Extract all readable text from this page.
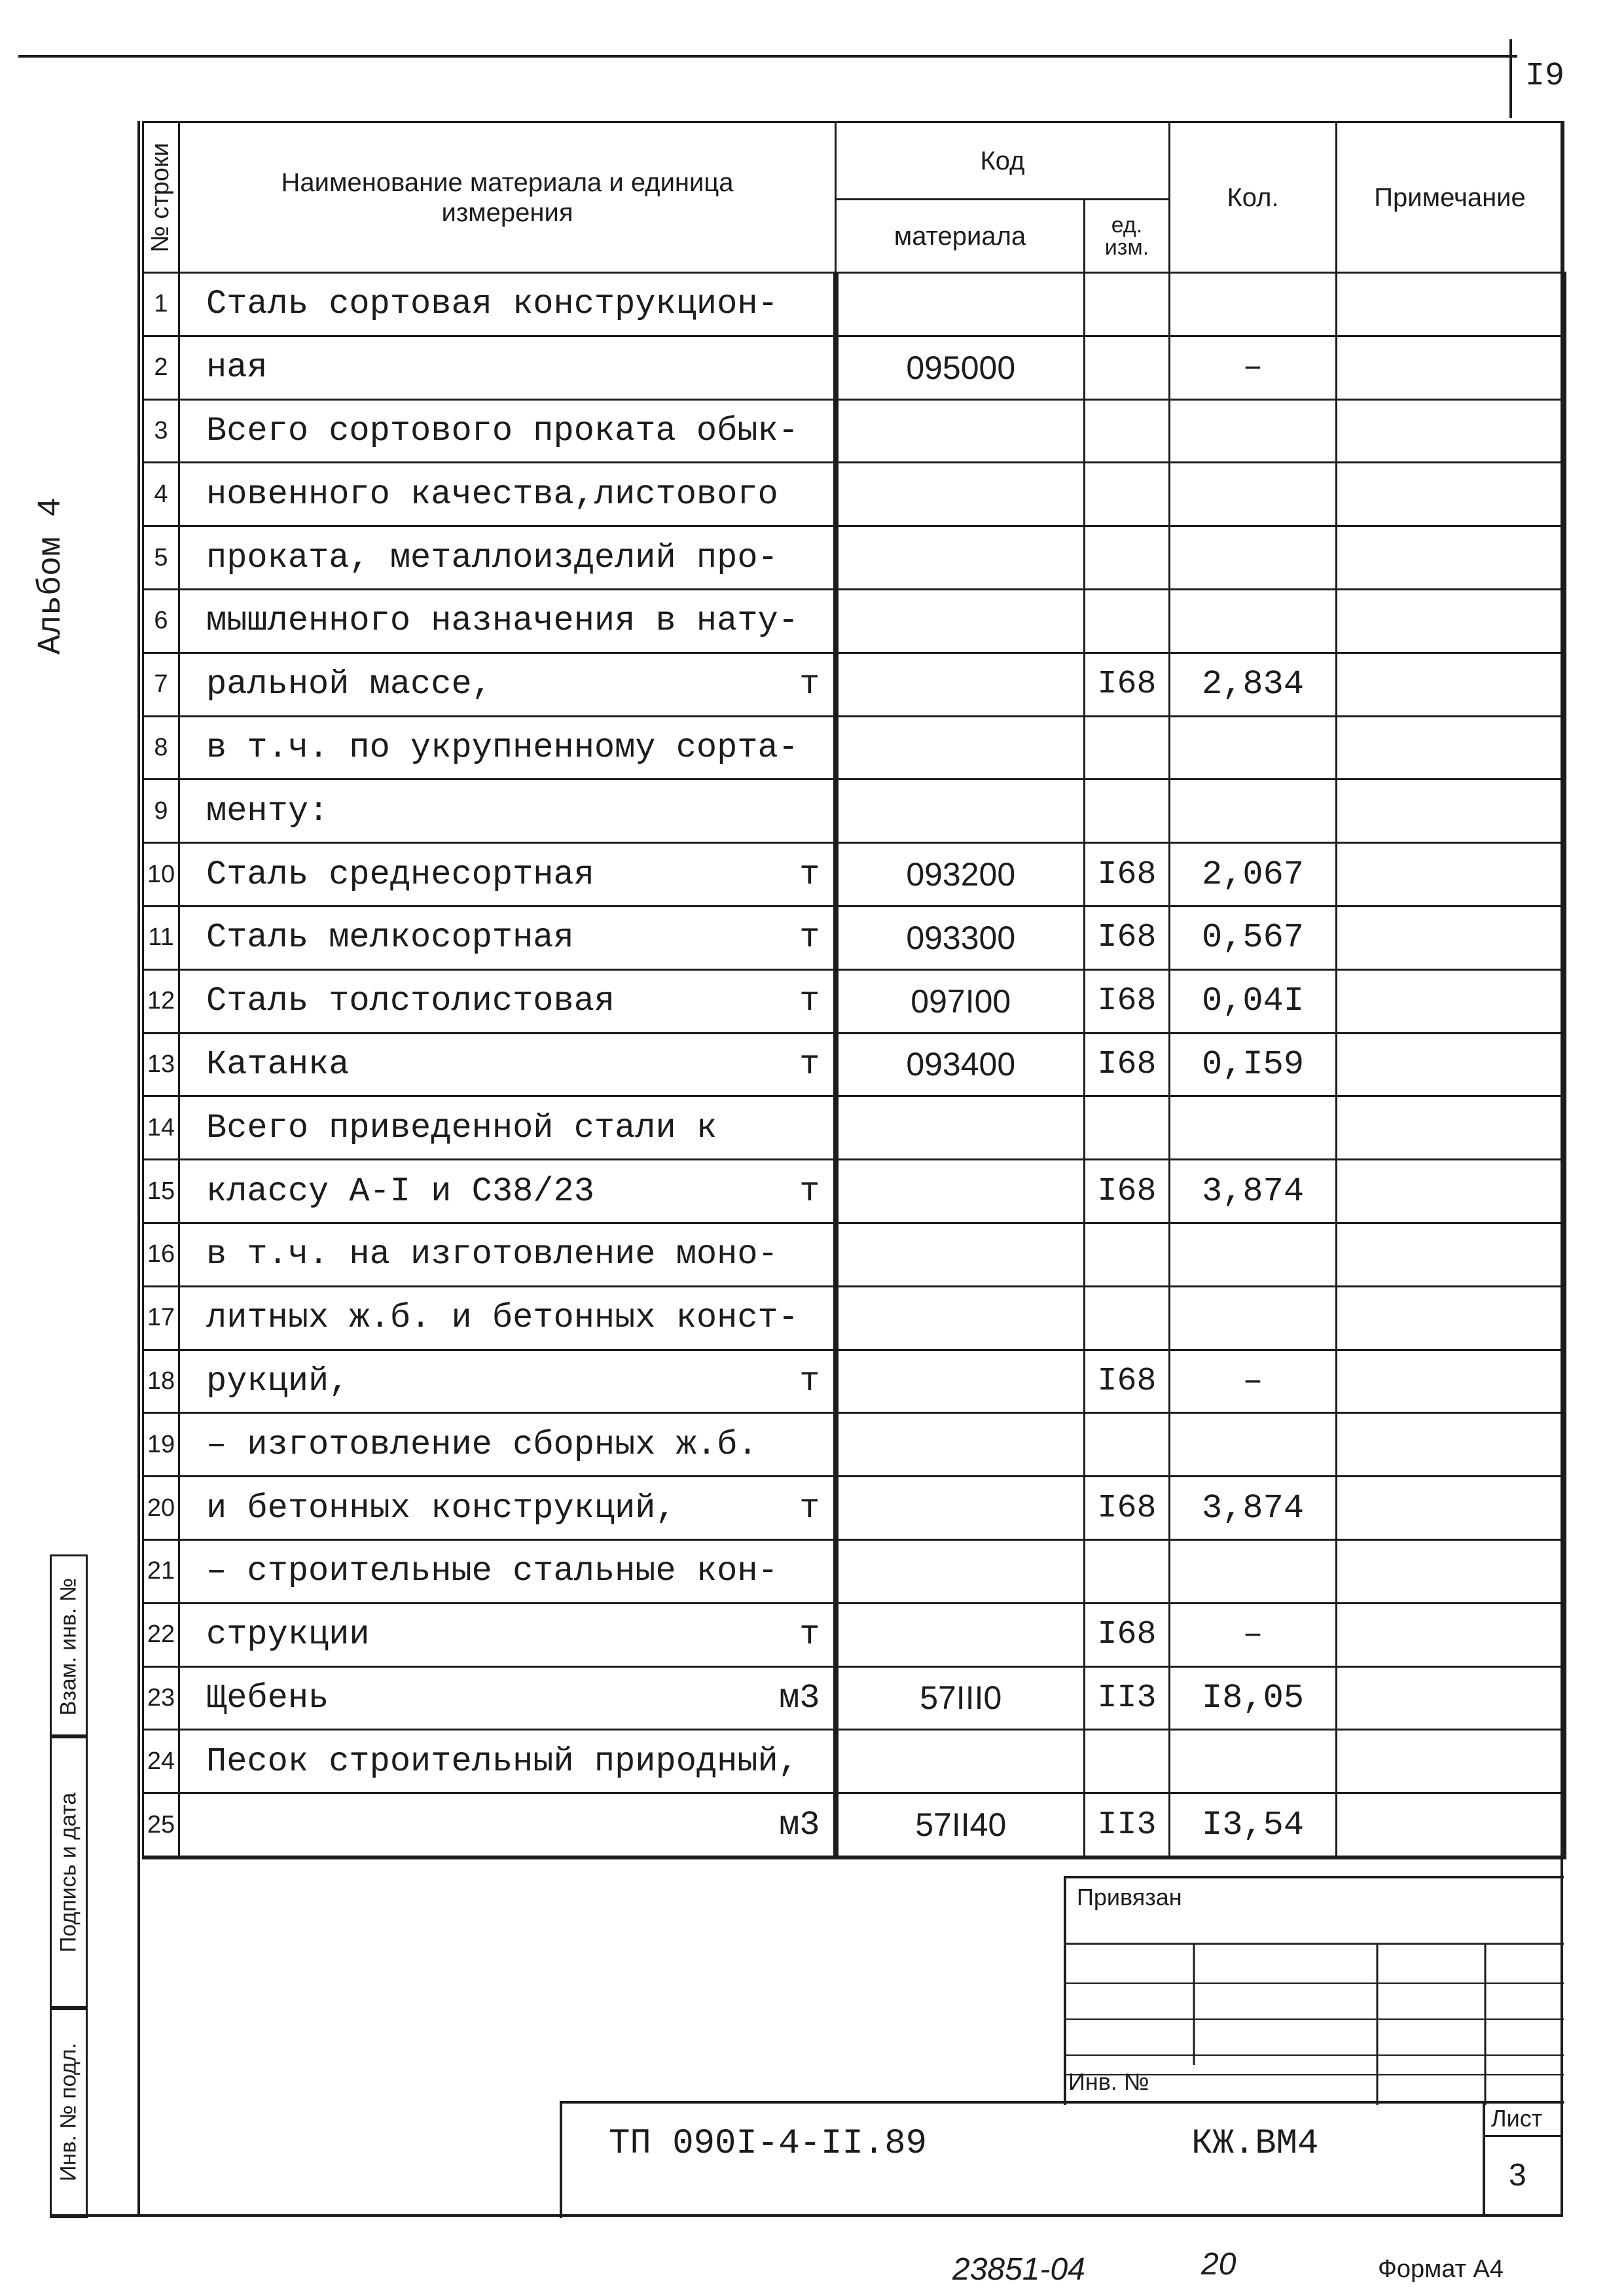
I9
Альбом 4
№ строки	Наименование материала и единица измерения	Код		Кол.	Примечание
		материала	ед. изм.		

1	Сталь сортовая конструкцион-				

2	ная	095000		–	
3	Всего сортового проката обык-				

4	новенного качества,листового				

5	проката, металлоизделий про-				

6	мышленного назначения в нату-				

7	ральной массе, т		I68	2,834	
8	в т.ч. по укрупненному сорта-				

9	менту:				

10	Сталь среднесортная т	093200	I68	2,067	
11	Сталь мелкосортная т	093300	I68	0,567	
12	Сталь толстолистовая т	097I00	I68	0,04I	
13	Катанка т	093400	I68	0,I59	
14	Всего приведенной стали к				

15	классу А-I и С38/23 т		I68	3,874	
16	в т.ч. на изготовление моно-				

17	литных ж.б. и бетонных конст-				

18	рукций, т		I68	–	
19	– изготовление сборных ж.б.				

20	и бетонных конструкций, т		I68	3,874	
21	– строительные стальные кон-				

22	струкции т		I68	–	
23	Щебень м3	57III0	II3	I8,05	
24	Песок строительный природный,				

25	м3	57II40	II3	I3,54	
Взам. инв. №
Подпись и дата
Инв. № подл.
Привязан
Инв. №
ТП 090I-4-II.89	КЖ.ВМ4
Лист
3
23851-04	20	Формат А4
